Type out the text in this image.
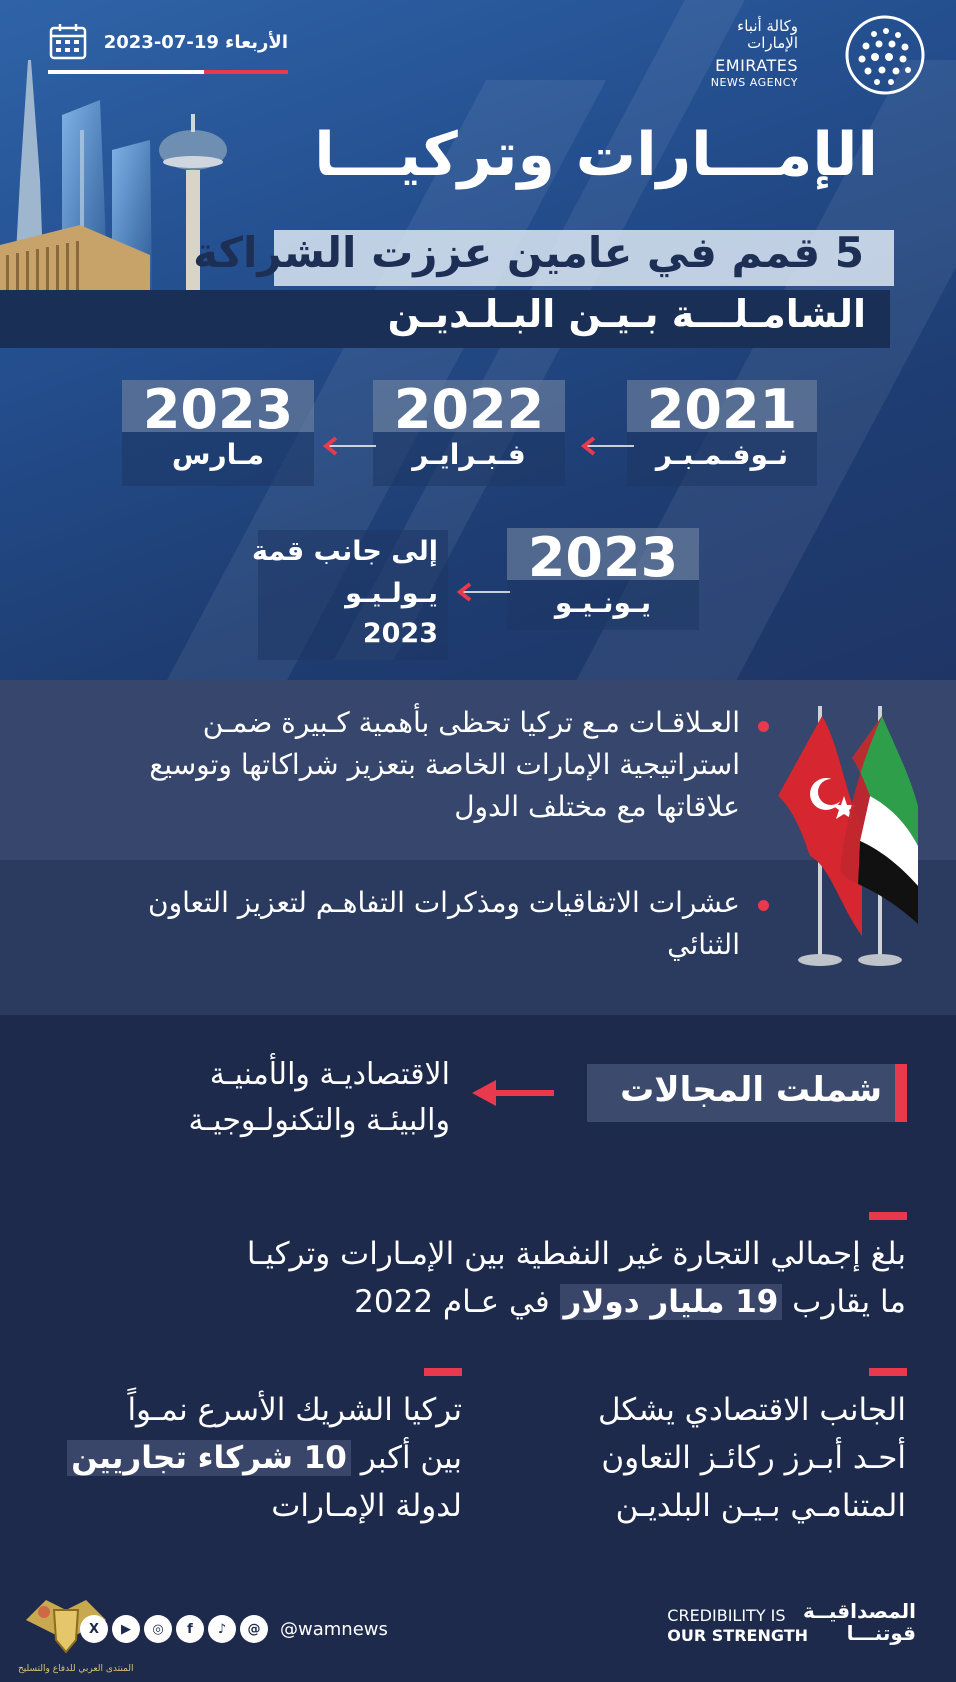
الأربعاء 19-07-2023
وكالة أنباء الإمارات
EMIRATES
NEWS AGENCY
الإمـــارات وتركيـــا
5 قمم في عامين عززت الشراكة
الشامـلـــة بـيـن البـلـديـن
2021
نـوفـمـبـر
2022
فـبـرايـر
2023
مـارس
2023
يـونـيـو
إلى جانب قمة
يـولـيـو
2023
العـلاقـات مـع تركيا تحظى بأهمية كـبيرة ضمـن
استراتيجية الإمارات الخاصة بتعزيز شراكاتها وتوسيع
علاقاتها مع مختلف الدول
عشرات الاتفاقيات ومذكرات التفاهـم لتعزيز التعاون
الثنائي
شملت المجالات
الاقتصاديـة والأمنيـة
والبيئـة والتكنولـوجيـة
بلغ إجمالي التجارة غير النفطية بين الإمـارات وتركيـا
ما يقارب 19 مليار دولار في عـام 2022
الجانب الاقتصادي يشكل
أحـد أبـرز ركائـز التعاون
المتنامـي بـيـن البلديـن
تركيا الشريك الأسرع نمـواً
بين أكبر 10 شركاء تجاريين
لدولة الإمـارات
المنتدى العربي للدفاع والتسليح
X	▶	◎	f	♪	@	@wamnews
المصداقيــة
قوتنـــا
CREDIBILITY IS
OUR STRENGTH
